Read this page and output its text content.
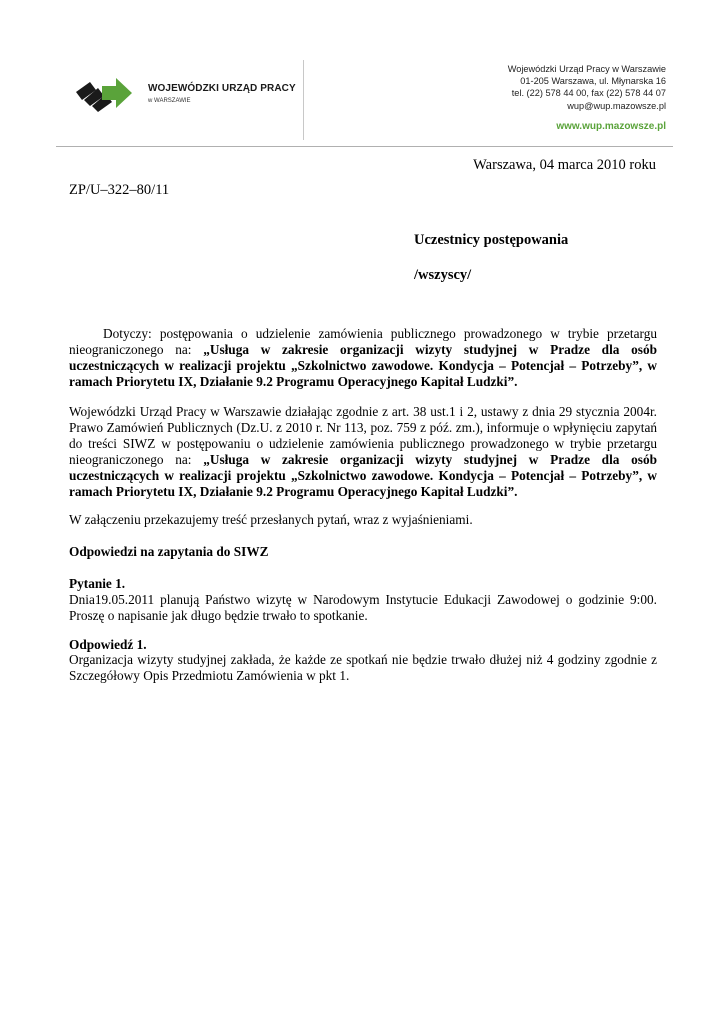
WOJEWÓDZKI URZĄD PRACY
w WARSZAWIE
Wojewódzki Urząd Pracy w Warszawie
01-205 Warszawa, ul. Młynarska 16
tel. (22) 578 44 00, fax (22) 578 44 07
wup@wup.mazowsze.pl
www.wup.mazowsze.pl
Warszawa, 04 marca 2010 roku
ZP/U–322–80/11
Uczestnicy postępowania
/wszyscy/
Dotyczy: postępowania o udzielenie zamówienia publicznego prowadzonego w trybie przetargu nieograniczonego na: „Usługa w zakresie organizacji wizyty studyjnej w Pradze dla osób uczestniczących w realizacji projektu „Szkolnictwo zawodowe. Kondycja – Potencjał – Potrzeby”, w ramach Priorytetu IX, Działanie 9.2 Programu Operacyjnego Kapitał Ludzki”.
Wojewódzki Urząd Pracy w Warszawie działając zgodnie z art. 38 ust.1 i 2, ustawy z dnia 29 stycznia 2004r. Prawo Zamówień Publicznych (Dz.U. z 2010 r. Nr 113, poz. 759 z póź. zm.), informuje o wpłynięciu zapytań do treści SIWZ w postępowaniu o udzielenie zamówienia publicznego prowadzonego w trybie przetargu nieograniczonego na: „Usługa w zakresie organizacji wizyty studyjnej w Pradze dla osób uczestniczących w realizacji projektu „Szkolnictwo zawodowe. Kondycja – Potencjał – Potrzeby”, w ramach Priorytetu IX, Działanie 9.2 Programu Operacyjnego Kapitał Ludzki”.
W załączeniu przekazujemy treść przesłanych pytań, wraz z wyjaśnieniami.
Odpowiedzi na zapytania do SIWZ
Pytanie 1.
Dnia19.05.2011 planują Państwo wizytę w Narodowym Instytucie Edukacji Zawodowej o godzinie 9:00. Proszę o napisanie jak długo będzie trwało to spotkanie.
Odpowiedź 1.
Organizacja wizyty studyjnej zakłada, że każde ze spotkań nie będzie trwało dłużej niż 4 godziny zgodnie z Szczegółowy Opis Przedmiotu Zamówienia w pkt 1.
